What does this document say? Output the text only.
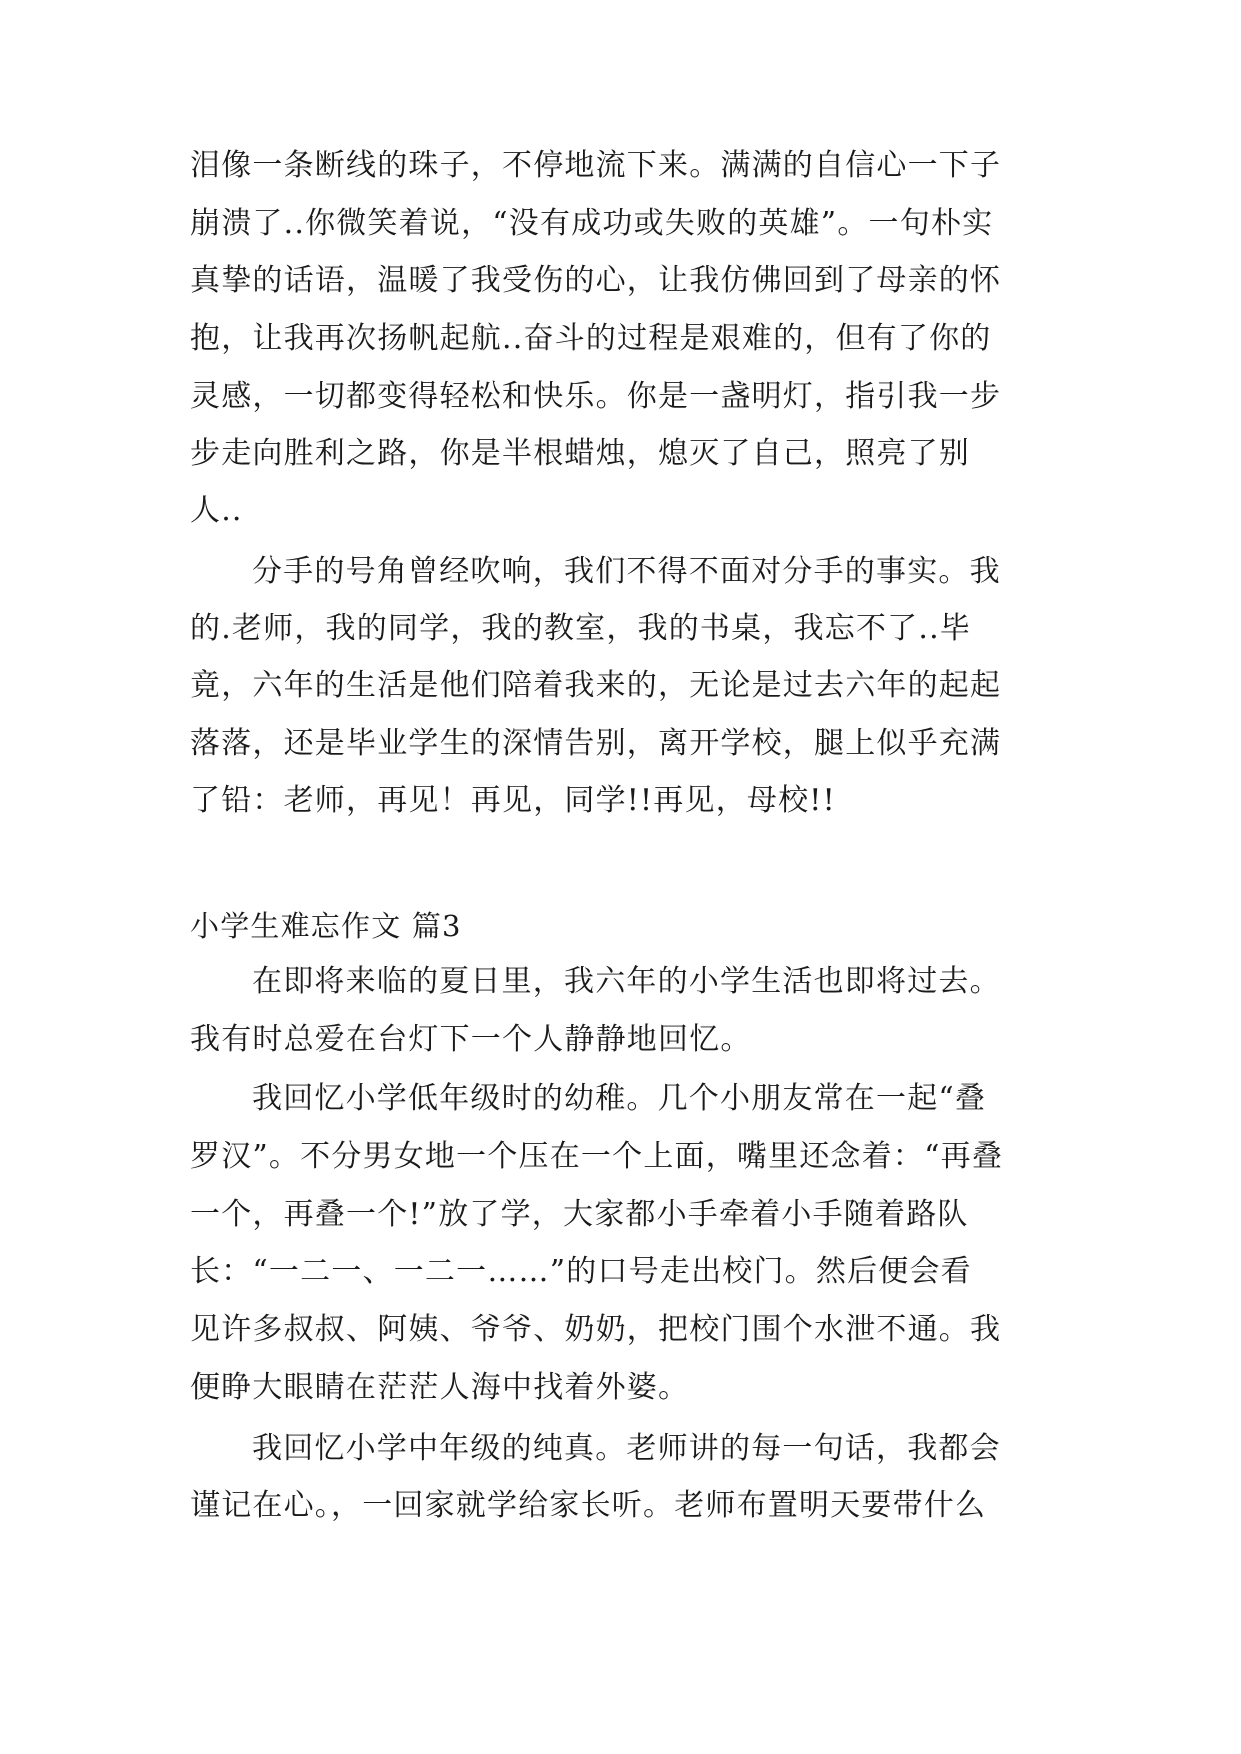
泪像一条断线的珠子，不停地流下来。满满的自信心一下子
崩溃了..你微笑着说，“没有成功或失败的英雄”。一句朴实
真挚的话语，温暖了我受伤的心，让我仿佛回到了母亲的怀
抱，让我再次扬帆起航..奋斗的过程是艰难的，但有了你的
灵感，一切都变得轻松和快乐。你是一盏明灯，指引我一步
步走向胜利之路，你是半根蜡烛，熄灭了自己，照亮了别
人..
分手的号角曾经吹响，我们不得不面对分手的事实。我
的.老师，我的同学，我的教室，我的书桌，我忘不了..毕
竟，六年的生活是他们陪着我来的，无论是过去六年的起起
落落，还是毕业学生的深情告别，离开学校，腿上似乎充满
了铅：老师，再见！再见，同学!!再见，母校!!
小学生难忘作文 篇3
在即将来临的夏日里，我六年的小学生活也即将过去。
我有时总爱在台灯下一个人静静地回忆。
我回忆小学低年级时的幼稚。几个小朋友常在一起“叠
罗汉”。不分男女地一个压在一个上面，嘴里还念着：“再叠
一个，再叠一个!”放了学，大家都小手牵着小手随着路队
长：“一二一、一二一……”的口号走出校门。然后便会看
见许多叔叔、阿姨、爷爷、奶奶，把校门围个水泄不通。我
便睁大眼睛在茫茫人海中找着外婆。
我回忆小学中年级的纯真。老师讲的每一句话，我都会
谨记在心。，一回家就学给家长听。老师布置明天要带什么
